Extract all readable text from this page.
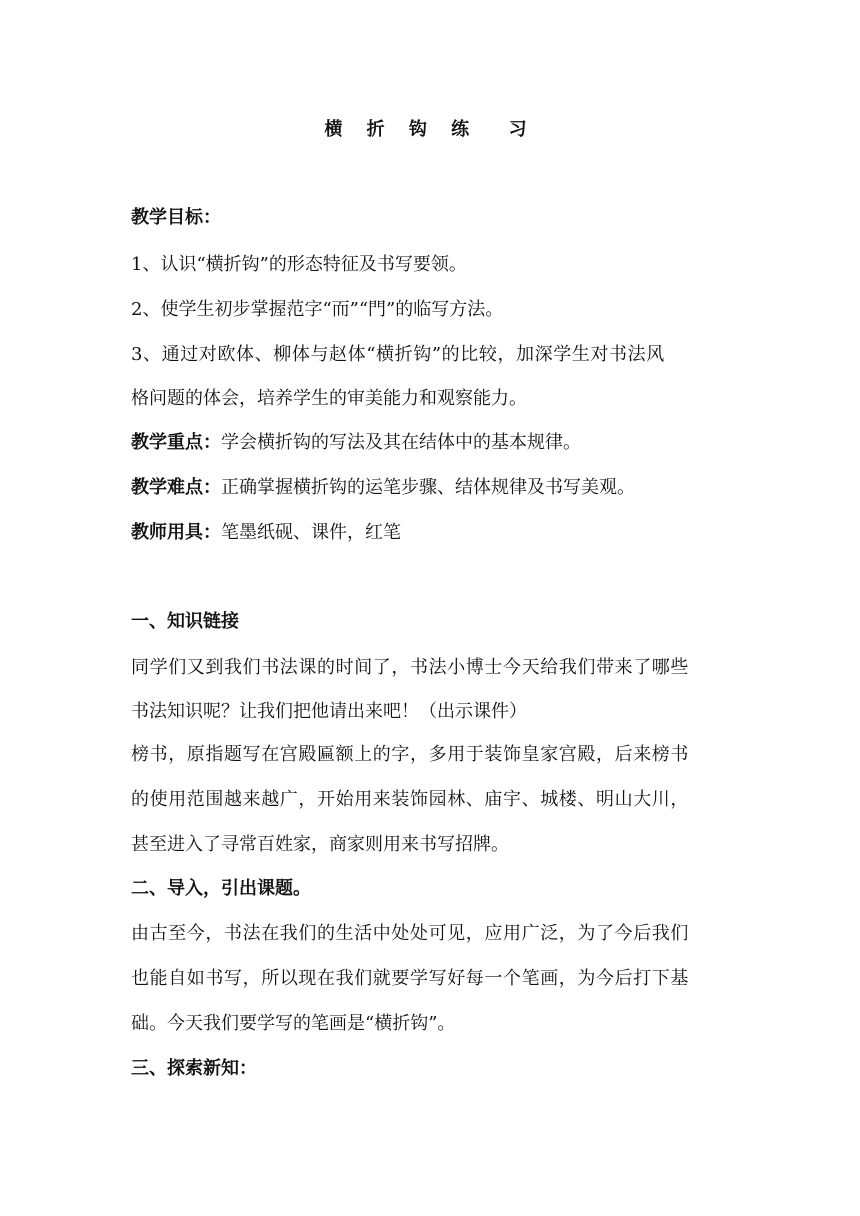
横 折 钩 练  习
教学目标：
1、认识“横折钩”的形态特征及书写要领。
2、使学生初步掌握范字“而”“門”的临写方法。
3、通过对欧体、柳体与赵体“横折钩”的比较，加深学生对书法风
格问题的体会，培养学生的审美能力和观察能力。
教学重点：学会横折钩的写法及其在结体中的基本规律。
教学难点：正确掌握横折钩的运笔步骤、结体规律及书写美观。
教师用具：笔墨纸砚、课件，红笔
一、知识链接
同学们又到我们书法课的时间了，书法小博士今天给我们带来了哪些
书法知识呢？让我们把他请出来吧！（出示课件）
榜书，原指题写在宫殿匾额上的字，多用于装饰皇家宫殿，后来榜书
的使用范围越来越广，开始用来装饰园林、庙宇、城楼、明山大川，
甚至进入了寻常百姓家，商家则用来书写招牌。
二、导入，引出课题。
由古至今，书法在我们的生活中处处可见，应用广泛，为了今后我们
也能自如书写，所以现在我们就要学写好每一个笔画，为今后打下基
础。今天我们要学写的笔画是“横折钩”。
三、探索新知：
